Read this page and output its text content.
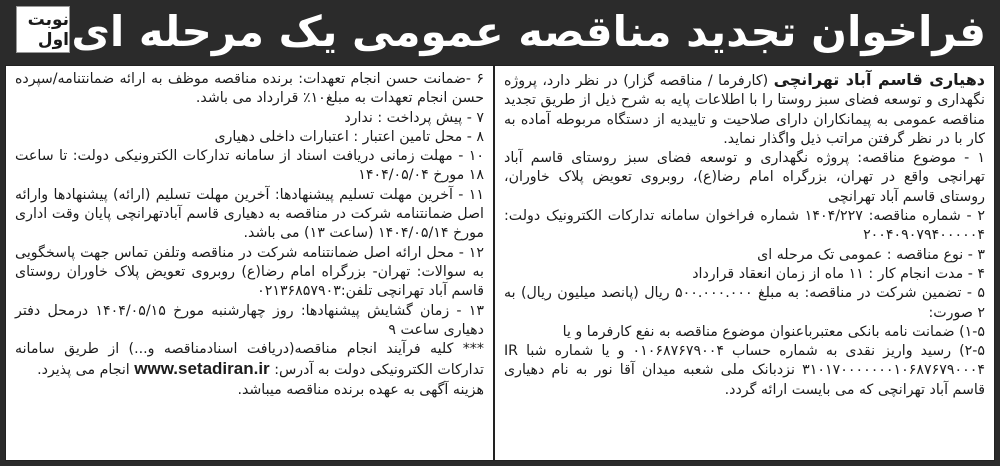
فراخوان تجدید مناقصه عمومی یک مرحله ای
نوبت اول

دهیاری قاسم آباد تهرانچی (کارفرما / مناقصه گزار) در نظر دارد، پروژه نگهداری و توسعه فضای سبز روستا را با اطلاعات پایه به شرح ذیل از طریق تجدید مناقصه عمومی به پیمانکاران دارای صلاحیت و تاییدیه از دستگاه مربوطه آماده به کار با در نظر گرفتن مراتب ذیل واگذار نماید.

۱ - موضوع مناقصه: پروژه نگهداری و توسعه فضای سبز روستای قاسم آباد تهرانچی واقع در تهران، بزرگراه امام رضا(ع)، روبروی تعویض پلاک خاوران، روستای قاسم آباد تهرانچی

۲ - شماره مناقصه: ۱۴۰۴/۲۲۷ شماره فراخوان سامانه تدارکات الکترونیک دولت: ۲۰۰۴۰۹۰۷۹۴۰۰۰۰۰۴

۳ - نوع مناقصه : عمومی تک مرحله ای

۴ - مدت انجام کار : ۱۱ ماه از زمان انعقاد قرارداد

۵ - تضمین شرکت در مناقصه: به مبلغ ۵۰۰.۰۰۰.۰۰۰ ریال (پانصد میلیون ریال) به ۲ صورت:

۱-۵) ضمانت نامه بانکی معتبرباعنوان موضوع مناقصه به نفع کارفرما و یا

۲-۵) رسید واریز نقدی به شماره حساب ۰۱۰۶۸۷۶۷۹۰۰۴ و یا شماره شبا IR ۳۱۰۱۷۰۰۰۰۰۰۰۱۰۶۸۷۶۷۹۰۰۰۴ نزدبانک ملی شعبه میدان آقا نور به نام دهیاری قاسم آباد تهرانچی که می بایست ارائه گردد.

۶ -ضمانت حسن انجام تعهدات: برنده مناقصه موظف به ارائه ضمانتنامه/سپرده حسن انجام تعهدات به مبلغ۱۰٪ قرارداد می باشد.

۷ - پیش پرداخت : ندارد

۸ - محل تامین اعتبار : اعتبارات داخلی دهیاری

۱۰ - مهلت زمانی دریافت اسناد از سامانه تدارکات الکترونیکی دولت: تا ساعت ۱۸ مورخ ۱۴۰۴/۰۵/۰۴

۱۱ - آخرین مهلت تسلیم پیشنهادها: آخرین مهلت تسلیم (ارائه) پیشنهادها وارائه اصل ضمانتنامه شرکت در مناقصه به دهیاری قاسم آبادتهرانچی پایان وقت اداری مورخ ۱۴۰۴/۰۵/۱۴ (ساعت ۱۳) می باشد.

۱۲ - محل ارائه اصل ضمانتنامه شرکت در مناقصه وتلفن تماس جهت پاسخگویی به سوالات: تهران- بزرگراه امام رضا(ع) روبروی تعویض پلاک خاوران روستای قاسم آباد تهرانچی تلفن:۰۲۱۳۶۸۵۷۹۰۳

۱۳ - زمان گشایش پیشنهادها: روز چهارشنبه مورخ ۱۴۰۴/۰۵/۱۵ درمحل دفتر دهیاری ساعت ۹

*** کلیه فرآیند انجام مناقصه(دریافت اسنادمناقصه و...) از طریق سامانه تدارکات الکترونیکی دولت به آدرس: www.setadiran.ir انجام می پذیرد.

هزینه آگهی به عهده برنده مناقصه میباشد.
